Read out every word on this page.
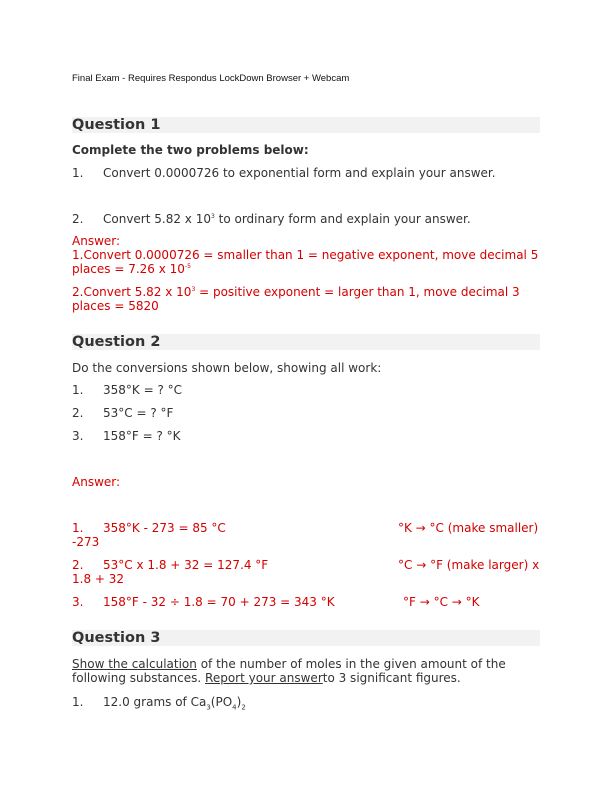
Final Exam - Requires Respondus LockDown Browser + Webcam
Question 1
Complete the two problems below:
1. Convert 0.0000726 to exponential form and explain your answer.
2. Convert 5.82 x $10^3$ to ordinary form and explain your answer.
Answer:
1.Convert 0.0000726 = smaller than 1 = negative exponent, move decimal 5
places = 7.26 x $10^{-5}$
2.Convert 5.82 x $10^3$ = positive exponent = larger than 1, move decimal 3
places = 5820
Question 2
Do the conversions shown below, showing all work:
1. 358°K = ? °C
2. 53°C = ? °F
3. 158°F = ? °K
Answer:
1. 358°K - 273 = 85 °C	°K → °C (make smaller)
-273
2. 53°C x 1.8 + 32 = 127.4 °F	°C → °F (make larger) x
1.8 + 32
3. 158°F - 32 ÷ 1.8 = 70 + 273 = 343 °K	°F → °C → °K
Question 3
Show the calculation of the number of moles in the given amount of the
following substances. Report your answerto 3 significant figures.
1. 12.0 grams of $Ca_3(PO_4)_2$
